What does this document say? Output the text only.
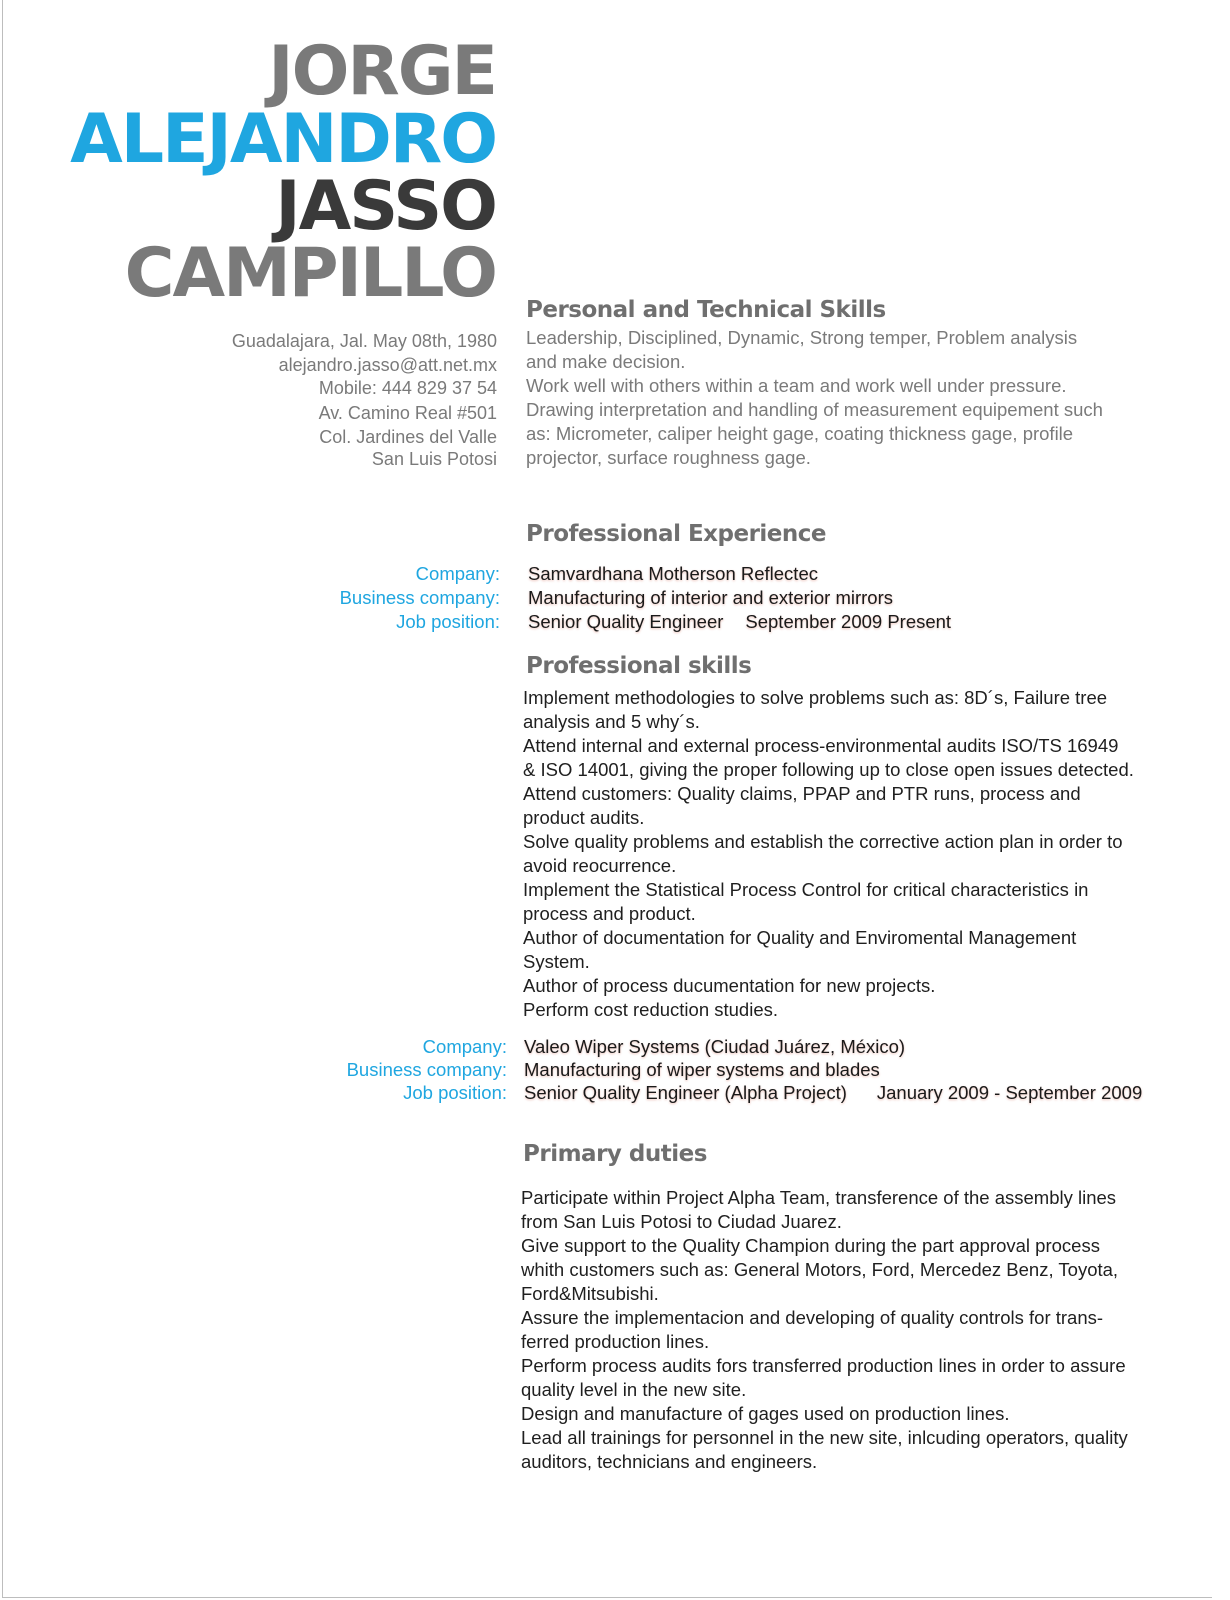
JORGE
ALEJANDRO
JASSO
CAMPILLO
Guadalajara, Jal. May 08th, 1980
alejandro.jasso@att.net.mx
Mobile: 444 829 37 54
Av. Camino Real #501
Col. Jardines del Valle
San Luis Potosi
Personal and Technical Skills
Leadership, Disciplined, Dynamic, Strong temper, Problem analysis
and make decision.
Work well with others within a team and work well under pressure.
Drawing interpretation and handling of measurement equipement such
as: Micrometer, caliper height gage, coating thickness gage, profile
projector, surface roughness gage.
Professional Experience
Company:
Business company:
Job position:
Samvardhana Motherson Reflectec
Manufacturing of interior and exterior mirrors
Senior Quality Engineer September 2009 Present
Professional skills
Implement methodologies to solve problems such as: 8D´s, Failure tree
analysis and 5 why´s.
Attend internal and external process-environmental audits ISO/TS 16949
& ISO 14001, giving the proper following up to close open issues detected.
Attend customers: Quality claims, PPAP and PTR runs, process and
product audits.
Solve quality problems and establish the corrective action plan in order to
avoid reocurrence.
Implement the Statistical Process Control for critical characteristics in
process and product.
Author of documentation for Quality and Enviromental Management
System.
Author of process ducumentation for new projects.
Perform cost reduction studies.
Company:
Business company:
Job position:
Valeo Wiper Systems (Ciudad Juárez, México)
Manufacturing of wiper systems and blades
Senior Quality Engineer (Alpha Project) January 2009 - September 2009
Primary duties
Participate within Project Alpha Team, transference of the assembly lines
from San Luis Potosi to Ciudad Juarez.
Give support to the Quality Champion during the part approval process
whith customers such as: General Motors, Ford, Mercedez Benz, Toyota,
Ford&Mitsubishi.
Assure the implementacion and developing of quality controls for trans-
ferred production lines.
Perform process audits fors transferred production lines in order to assure
quality level in the new site.
Design and manufacture of gages used on production lines.
Lead all trainings for personnel in the new site, inlcuding operators, quality
auditors, technicians and engineers.
